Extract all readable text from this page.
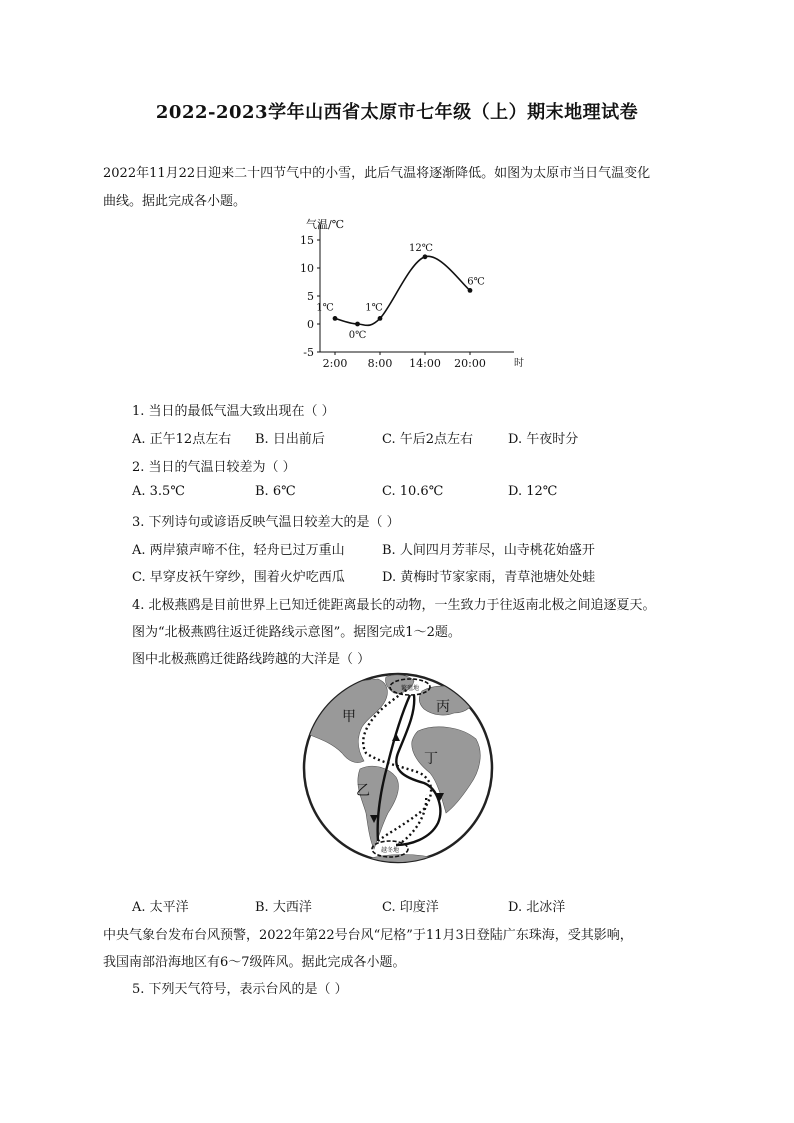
2022-2023学年山西省太原市七年级（上）期末地理试卷
2022年11月22日迎来二十四节气中的小雪，此后气温将逐渐降低。如图为太原市当日气温变化
曲线。据此完成各小题。
气温/℃
时
15
10
5
0
-5
2:00 8:00 14:00 20:00
1℃
0℃
1℃
12℃
6℃
1. 当日的最低气温大致出现在（ ）
A. 正午12点左右 B. 日出前后	C. 午后2点左右	D. 午夜时分
2. 当日的气温日较差为（ ）
A. 3.5℃	B. 6℃	C. 10.6℃	D. 12℃
3. 下列诗句或谚语反映气温日较差大的是（ ）
A. 两岸猿声啼不住，轻舟已过万重山	B. 人间四月芳菲尽，山寺桃花始盛开
C. 早穿皮袄午穿纱，围着火炉吃西瓜	D. 黄梅时节家家雨，青草池塘处处蛙
4. 北极燕鸥是目前世界上已知迁徙距离最长的动物，一生致力于往返南北极之间追逐夏天。
图为“北极燕鸥往返迁徙路线示意图”。据图完成1～2题。
图中北极燕鸥迁徙路线跨越的大洋是（ ）
繁殖地
越冬地
甲
丙
丁
乙
A. 太平洋	B. 大西洋	C. 印度洋	D. 北冰洋
中央气象台发布台风预警，2022年第22号台风“尼格”于11月3日登陆广东珠海，受其影响，
我国南部沿海地区有6～7级阵风。据此完成各小题。
5. 下列天气符号，表示台风的是（ ）
